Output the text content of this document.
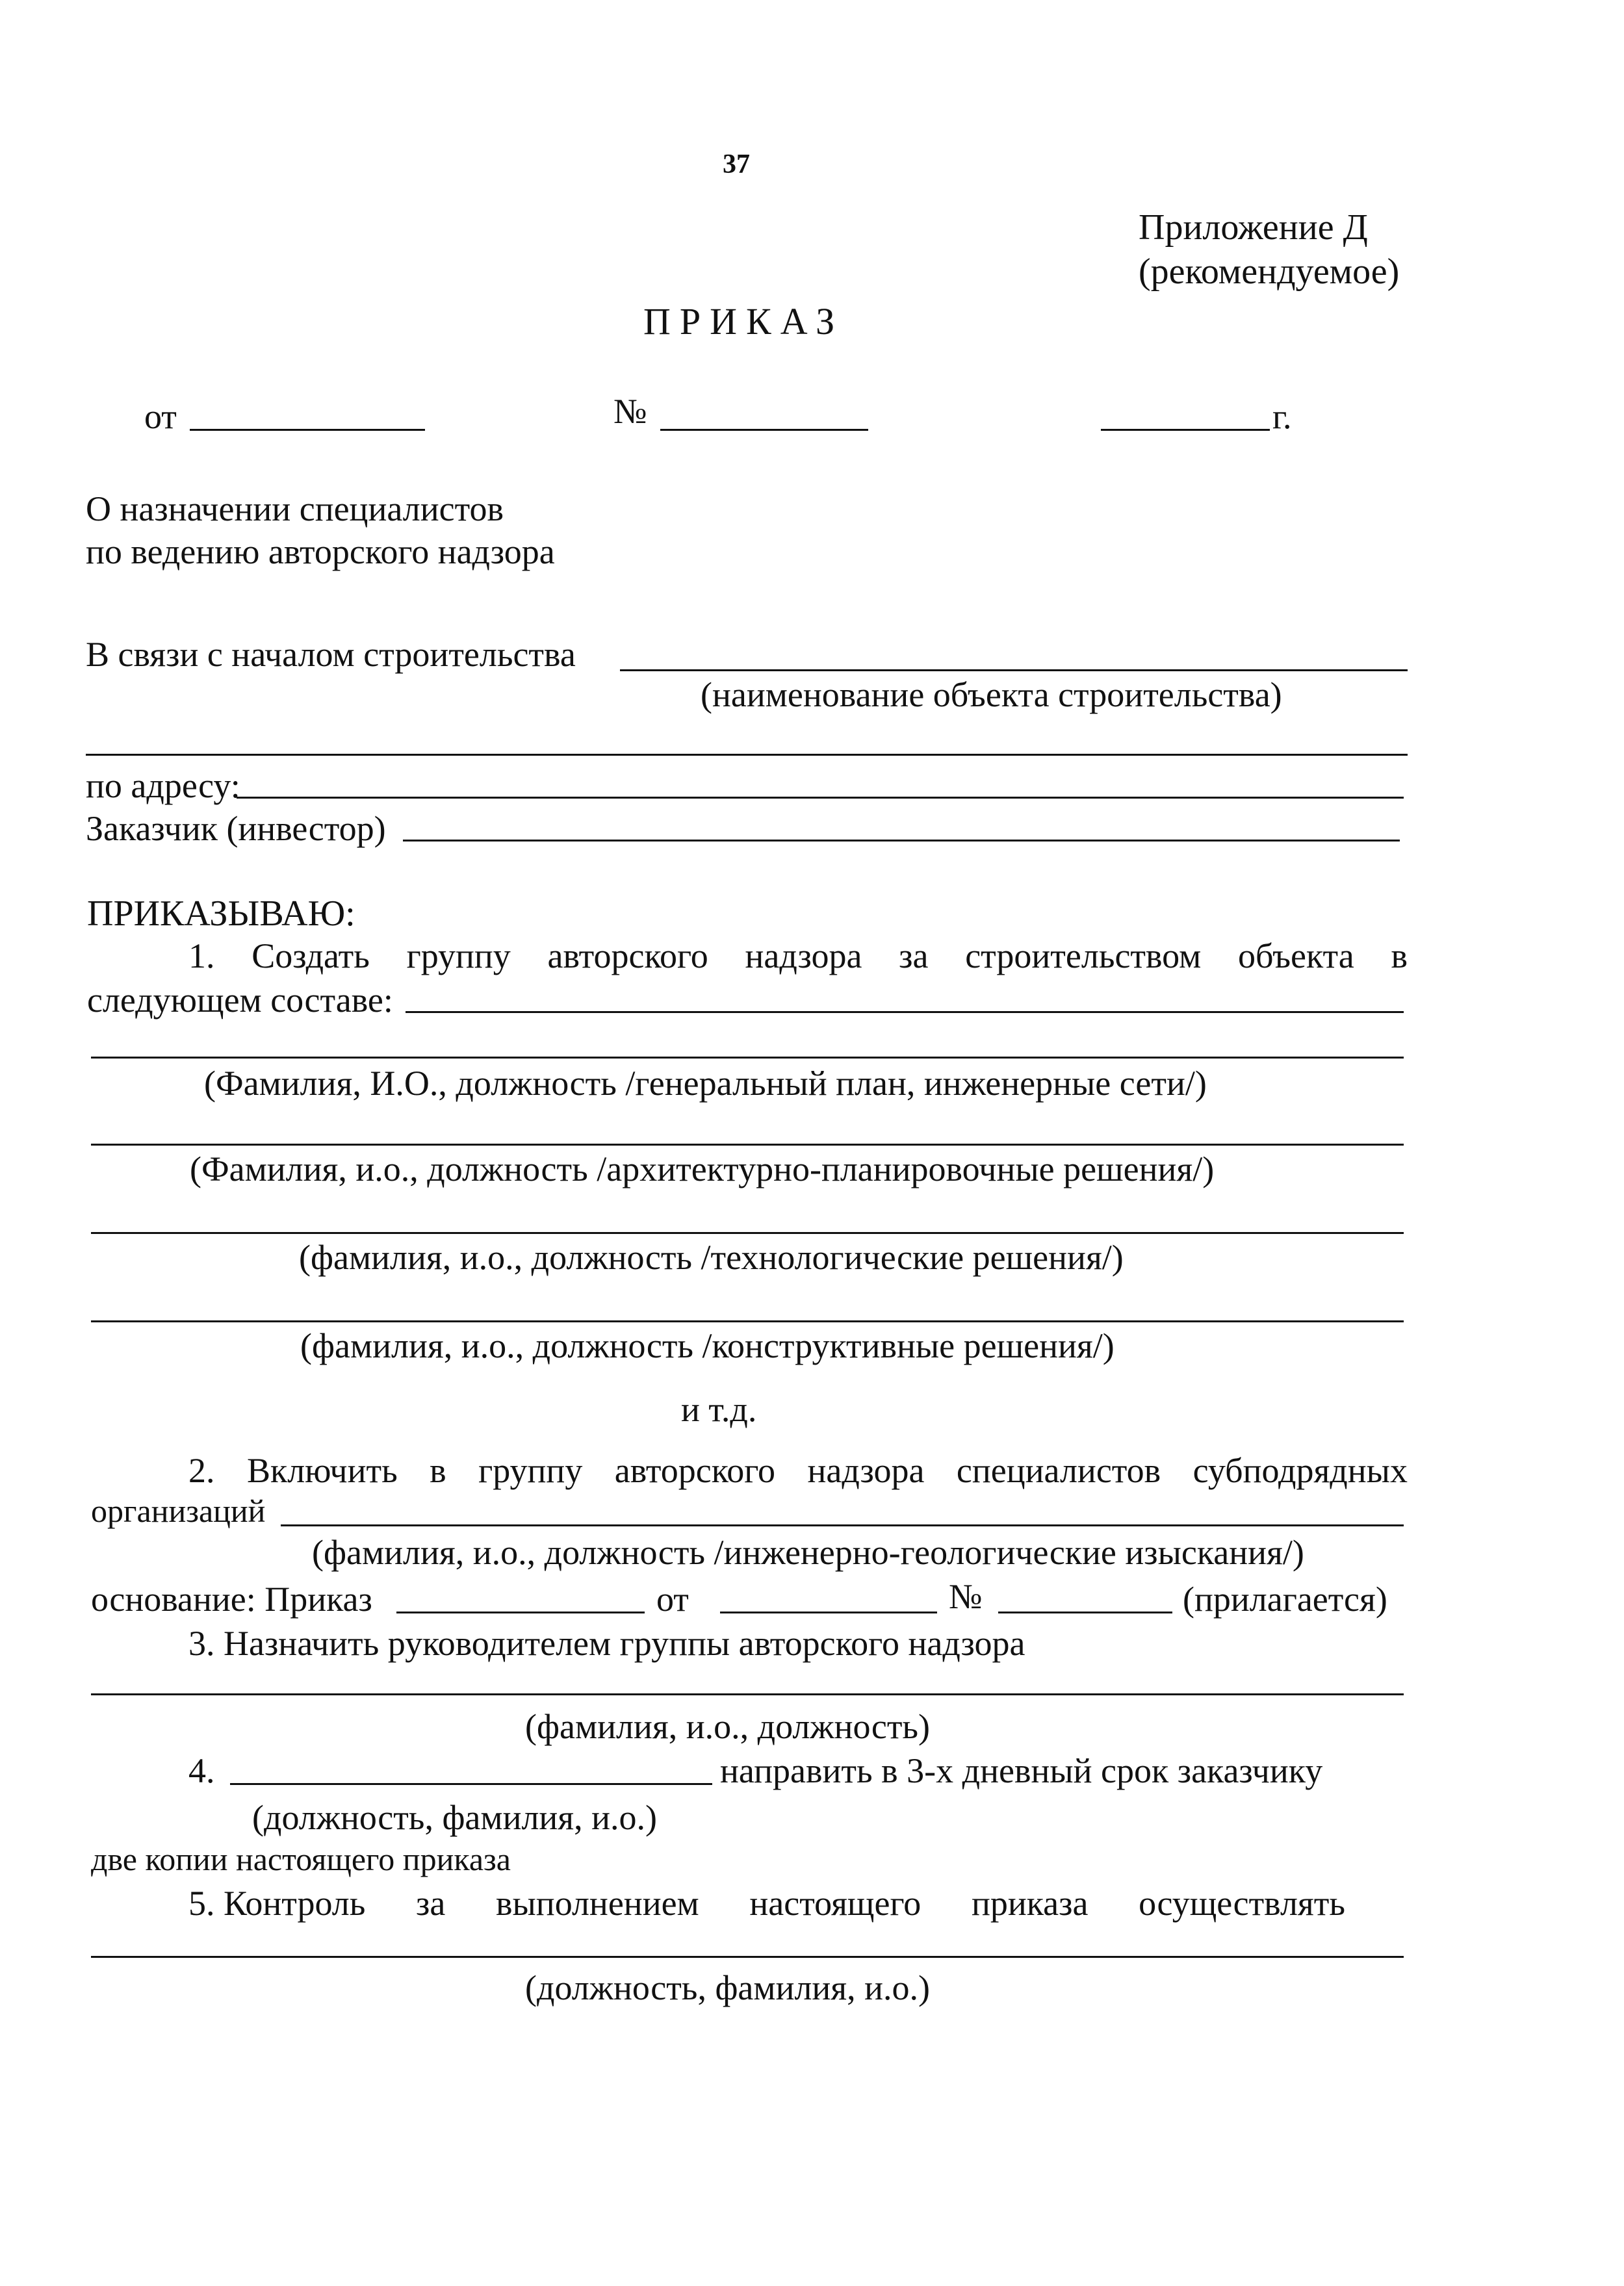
37
Приложение Д
(рекомендуемое)
ПРИКАЗ
от	№	г.
О назначении специалистов
по ведению авторского надзора
В связи с началом строительства
(наименование объекта строительства)
по адресу:
Заказчик (инвестор)
ПРИКАЗЫВАЮ:
1. Создать группу авторского надзора за строительством объекта в
следующем составе:
(Фамилия, И.О., должность /генеральный план, инженерные сети/)
(Фамилия, и.о., должность /архитектурно-планировочные решения/)
(фамилия, и.о., должность /технологические решения/)
(фамилия, и.о., должность /конструктивные решения/)
и т.д.
2. Включить в группу авторского надзора специалистов субподрядных
организаций
(фамилия, и.о., должность /инженерно-геологические изыскания/)
основание: Приказ	от	№	(прилагается)
3. Назначить руководителем группы авторского надзора
(фамилия, и.о., должность)
4.	направить в 3-х дневный срок заказчику
(должность, фамилия, и.о.)
две копии настоящего приказа
5. Контроль за выполнением настоящего приказа осуществлять
(должность, фамилия, и.о.)
